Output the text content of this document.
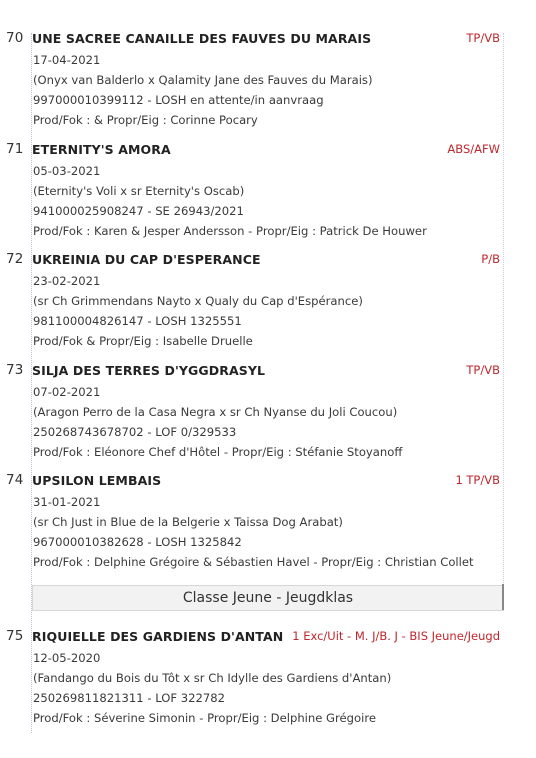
70 UNE SACREE CANAILLE DES FAUVES DU MARAIS	TP/VB
17-04-2021
(Onyx van Balderlo x Qalamity Jane des Fauves du Marais)
997000010399112 - LOSH en attente/in aanvraag
Prod/Fok : & Propr/Eig : Corinne Pocary
71 ETERNITY'S AMORA	ABS/AFW
05-03-2021
(Eternity's Voli x sr Eternity's Oscab)
941000025908247 - SE 26943/2021
Prod/Fok : Karen & Jesper Andersson - Propr/Eig : Patrick De Houwer
72 UKREINIA DU CAP D'ESPERANCE	P/B
23-02-2021
(sr Ch Grimmendans Nayto x Qualy du Cap d'Espérance)
981100004826147 - LOSH 1325551
Prod/Fok & Propr/Eig : Isabelle Druelle
73 SILJA DES TERRES D'YGGDRASYL	TP/VB
07-02-2021
(Aragon Perro de la Casa Negra x sr Ch Nyanse du Joli Coucou)
250268743678702 - LOF 0/329533
Prod/Fok : Eléonore Chef d'Hôtel - Propr/Eig : Stéfanie Stoyanoff
74 UPSILON LEMBAIS	1 TP/VB
31-01-2021
(sr Ch Just in Blue de la Belgerie x Taissa Dog Arabat)
967000010382628 - LOSH 1325842
Prod/Fok : Delphine Grégoire & Sébastien Havel - Propr/Eig : Christian Collet
Classe Jeune - Jeugdklas
75 RIQUIELLE DES GARDIENS D'ANTAN 1 Exc/Uit - M. J/B. J - BIS Jeune/Jeugd
12-05-2020
(Fandango du Bois du Tôt x sr Ch Idylle des Gardiens d'Antan)
250269811821311 - LOF 322782
Prod/Fok : Séverine Simonin - Propr/Eig : Delphine Grégoire
